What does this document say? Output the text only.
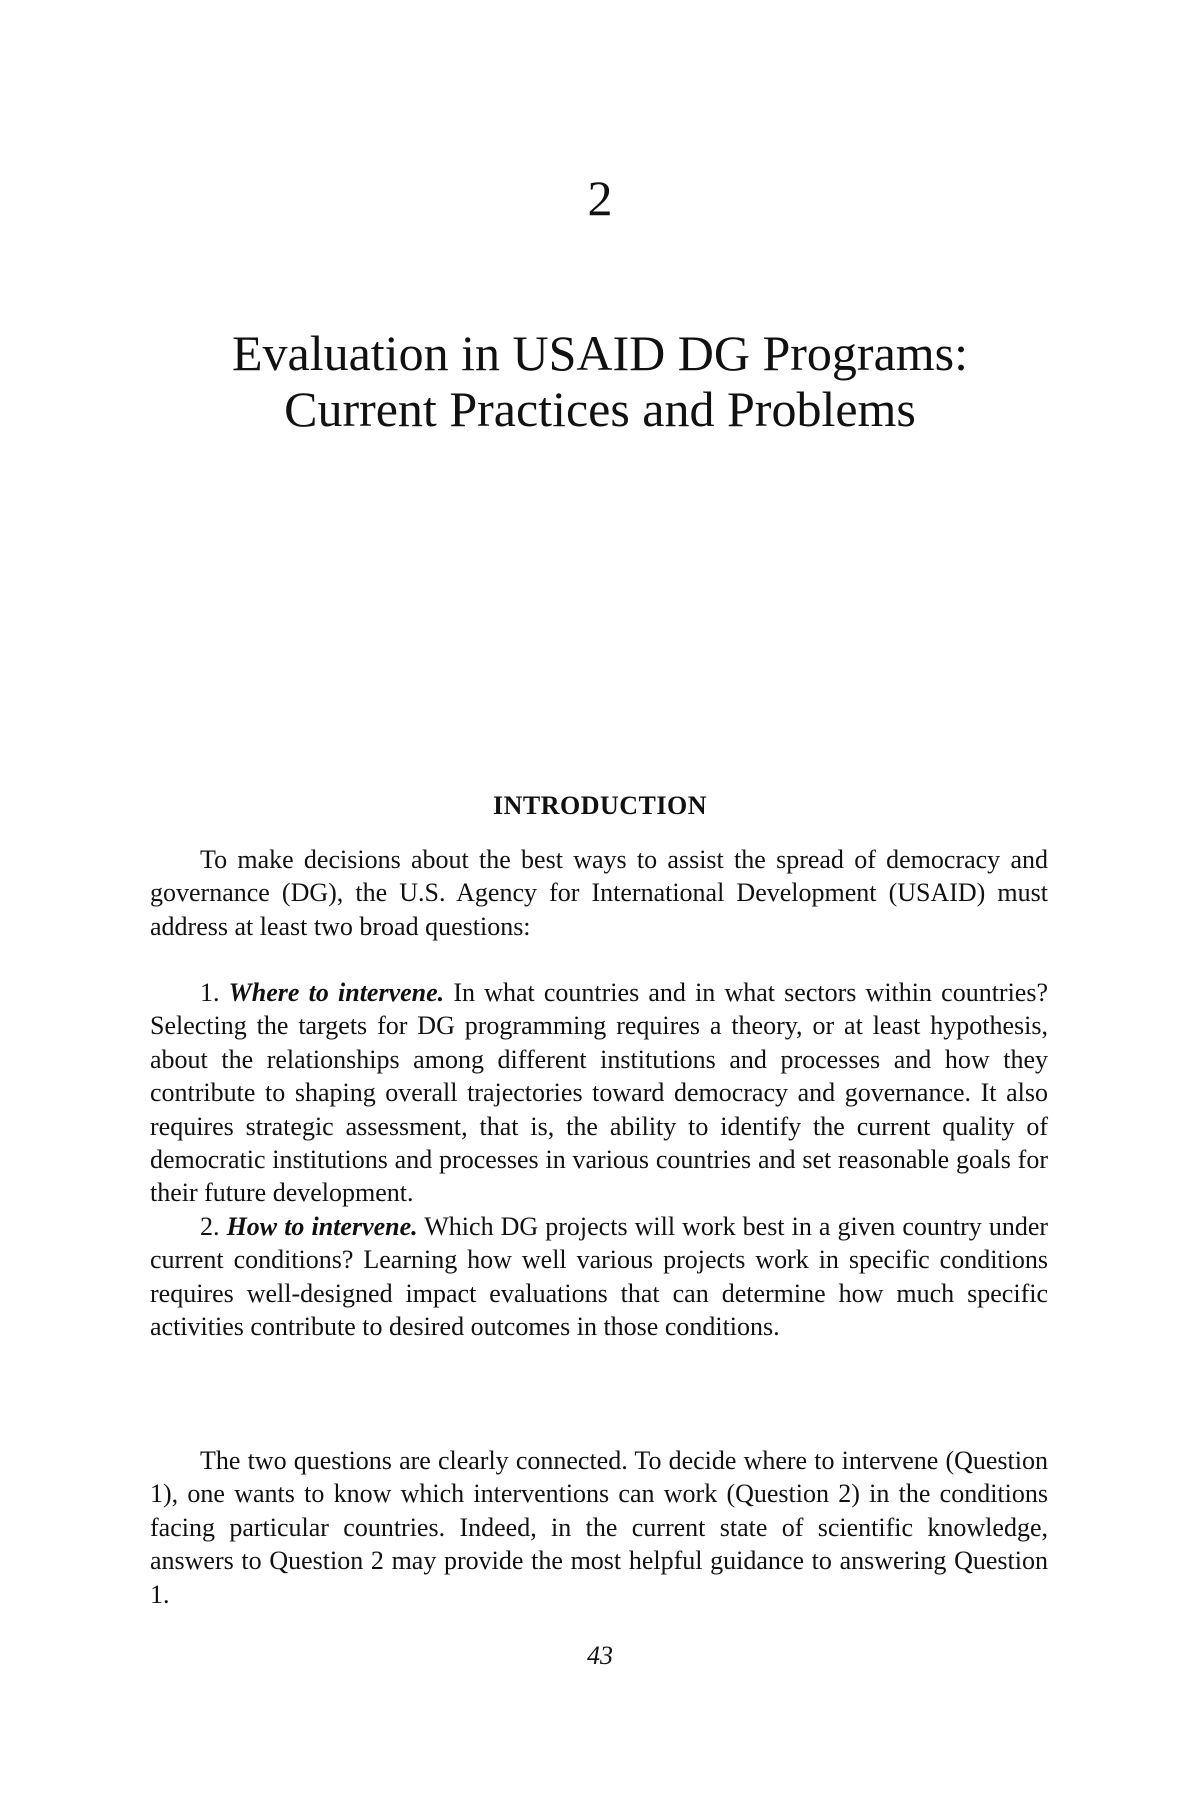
2
Evaluation in USAID DG Programs:
Current Practices and Problems
INTRODUCTION

To make decisions about the best ways to assist the spread of democracy and governance (DG), the U.S. Agency for International Development (USAID) must address at least two broad questions:

1. Where to intervene. In what countries and in what sectors within countries? Selecting the targets for DG programming requires a theory, or at least hypothesis, about the relationships among different institutions and processes and how they contribute to shaping overall trajectories toward democracy and governance. It also requires strategic assessment, that is, the ability to identify the current quality of democratic institutions and processes in various countries and set reasonable goals for their future development.

2. How to intervene. Which DG projects will work best in a given country under current conditions? Learning how well various projects work in specific conditions requires well-designed impact evaluations that can determine how much specific activities contribute to desired outcomes in those conditions.

The two questions are clearly connected. To decide where to intervene (Question 1), one wants to know which interventions can work (Question 2) in the conditions facing particular countries. Indeed, in the current state of scientific knowledge, answers to Question 2 may provide the most helpful guidance to answering Question 1.

43
